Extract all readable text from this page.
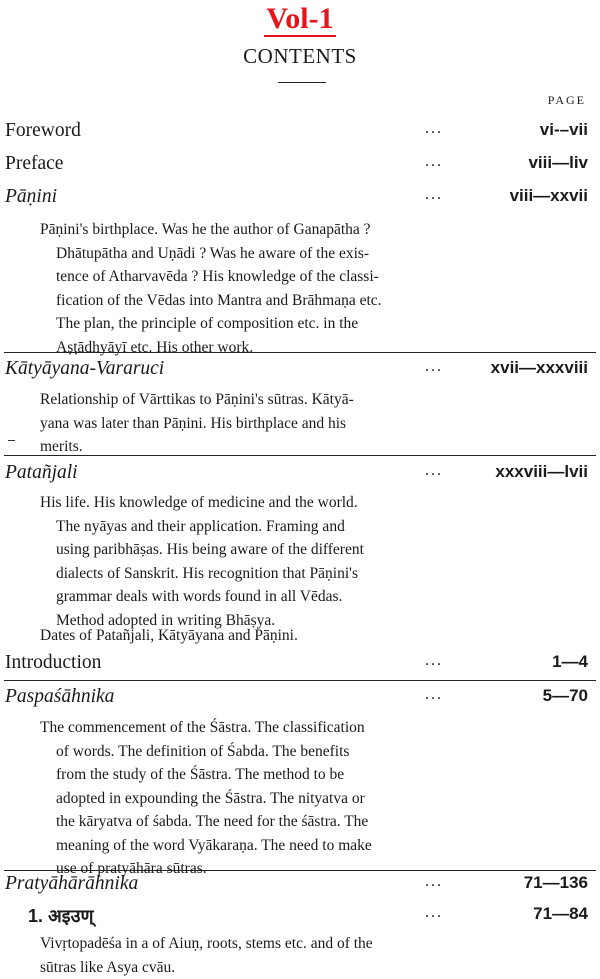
Vol-1
CONTENTS
PAGE
Foreword	...	vi-–vii
Preface	...	viii—liv
Pāṇini	...	viii—xxvii
Pāṇini's birthplace. Was he the author of Ganapātha ?
Dhātupātha and Uṇādi ? Was he aware of the exis-
tence of Atharvavēda ? His knowledge of the classi-
fication of the Vēdas into Mantra and Brāhmaṇa etc.
The plan, the principle of composition etc. in the
Aṣṭādhyāyī etc. His other work.
Kātyāyana-Vararuci	...	xvii—xxxviii
Relationship of Vārttikas to Pāṇini's sūtras. Kātyā-
yana was later than Pāṇini. His birthplace and his
merits.
Patañjali	...	xxxviii—lvii
His life. His knowledge of medicine and the world.
The nyāyas and their application. Framing and
using paribhāṣas. His being aware of the different
dialects of Sanskrit. His recognition that Pāṇini's
grammar deals with words found in all Vēdas.
Method adopted in writing Bhāṣya.
Dates of Patañjali, Kātyāyana and Pāṇini.
Introduction	...	1—4
Paspaśāhnika	...	5—70
The commencement of the Śāstra. The classification
of words. The definition of Śabda. The benefits
from the study of the Śāstra. The method to be
adopted in expounding the Śāstra. The nityatva or
the kāryatva of śabda. The need for the śāstra. The
meaning of the word Vyākaraṇa. The need to make
use of pratyāhāra sūtras.
Pratyāhārāhnika	...	71—136
1. अइउण्	...	71—84
Vivṛtopadēśa in a of Aiuṇ, roots, stems etc. and of the
sūtras like Asya cvāu.
